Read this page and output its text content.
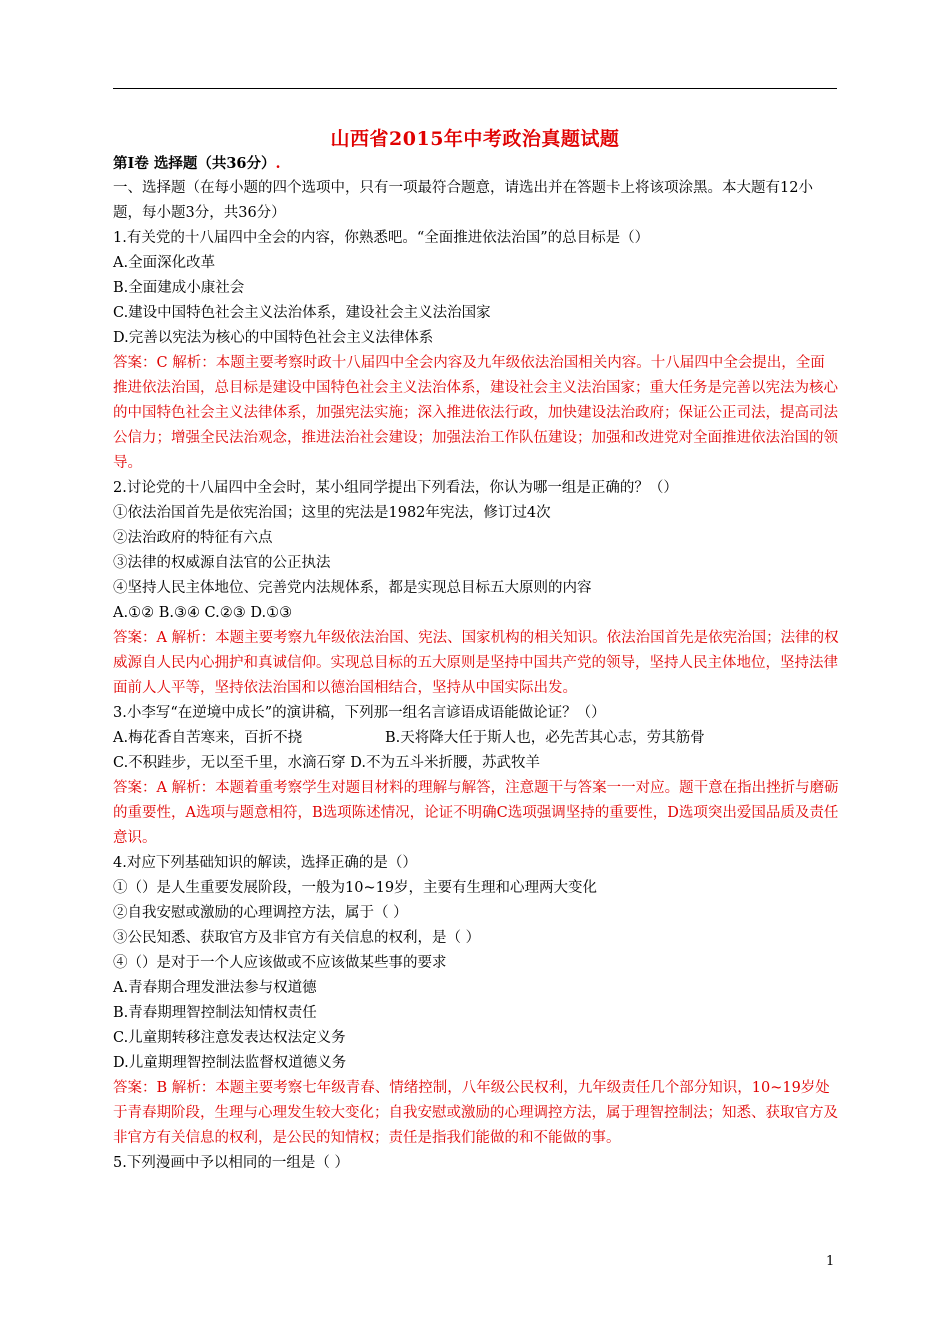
山西省2015年中考政治真题试题

第Ⅰ卷 选择题（共36分）.

一、选择题（在每小题的四个选项中，只有一项最符合题意，请选出并在答题卡上将该项涂黑。本大题有12小题，每小题3分，共36分）

1.有关党的十八届四中全会的内容，你熟悉吧。“全面推进依法治国”的总目标是（）

A.全面深化改革

B.全面建成小康社会

C.建设中国特色社会主义法治体系，建设社会主义法治国家

D.完善以宪法为核心的中国特色社会主义法律体系

答案：C 解析：本题主要考察时政十八届四中全会内容及九年级依法治国相关内容。十八届四中全会提出，全面推进依法治国，总目标是建设中国特色社会主义法治体系，建设社会主义法治国家；重大任务是完善以宪法为核心的中国特色社会主义法律体系，加强宪法实施；深入推进依法行政，加快建设法治政府；保证公正司法，提高司法公信力；增强全民法治观念，推进法治社会建设；加强法治工作队伍建设；加强和改进党对全面推进依法治国的领导。

2.讨论党的十八届四中全会时，某小组同学提出下列看法，你认为哪一组是正确的？（）

①依法治国首先是依宪治国；这里的宪法是1982年宪法，修订过4次

②法治政府的特征有六点

③法律的权威源自法官的公正执法

④坚持人民主体地位、完善党内法规体系，都是实现总目标五大原则的内容

A.①② B.③④ C.②③ D.①③

答案：A 解析：本题主要考察九年级依法治国、宪法、国家机构的相关知识。依法治国首先是依宪治国；法律的权威源自人民内心拥护和真诚信仰。实现总目标的五大原则是坚持中国共产党的领导，坚持人民主体地位，坚持法律面前人人平等，坚持依法治国和以德治国相结合，坚持从中国实际出发。

3.小李写“在逆境中成长”的演讲稿，下列那一组名言谚语成语能做论证？（）

A.梅花香自苦寒来，百折不挠	B.天将降大任于斯人也，必先苦其心志，劳其筋骨

C.不积跬步，无以至千里，水滴石穿 D.不为五斗米折腰，苏武牧羊

答案：A 解析：本题着重考察学生对题目材料的理解与解答，注意题干与答案一一对应。题干意在指出挫折与磨砺的重要性，A选项与题意相符，B选项陈述情况，论证不明确C选项强调坚持的重要性，D选项突出爱国品质及责任意识。

4.对应下列基础知识的解读，选择正确的是（）

①（）是人生重要发展阶段，一般为10~19岁，主要有生理和心理两大变化

②自我安慰或激励的心理调控方法，属于（ ）

③公民知悉、获取官方及非官方有关信息的权利，是（ ）

④（）是对于一个人应该做或不应该做某些事的要求

A.青春期合理发泄法参与权道德

B.青春期理智控制法知情权责任

C.儿童期转移注意发表达权法定义务

D.儿童期理智控制法监督权道德义务

答案：B 解析：本题主要考察七年级青春、情绪控制，八年级公民权利，九年级责任几个部分知识，10~19岁处于青春期阶段，生理与心理发生较大变化；自我安慰或激励的心理调控方法，属于理智控制法；知悉、获取官方及非官方有关信息的权利，是公民的知情权；责任是指我们能做的和不能做的事。

5.下列漫画中予以相同的一组是（ ）

1
